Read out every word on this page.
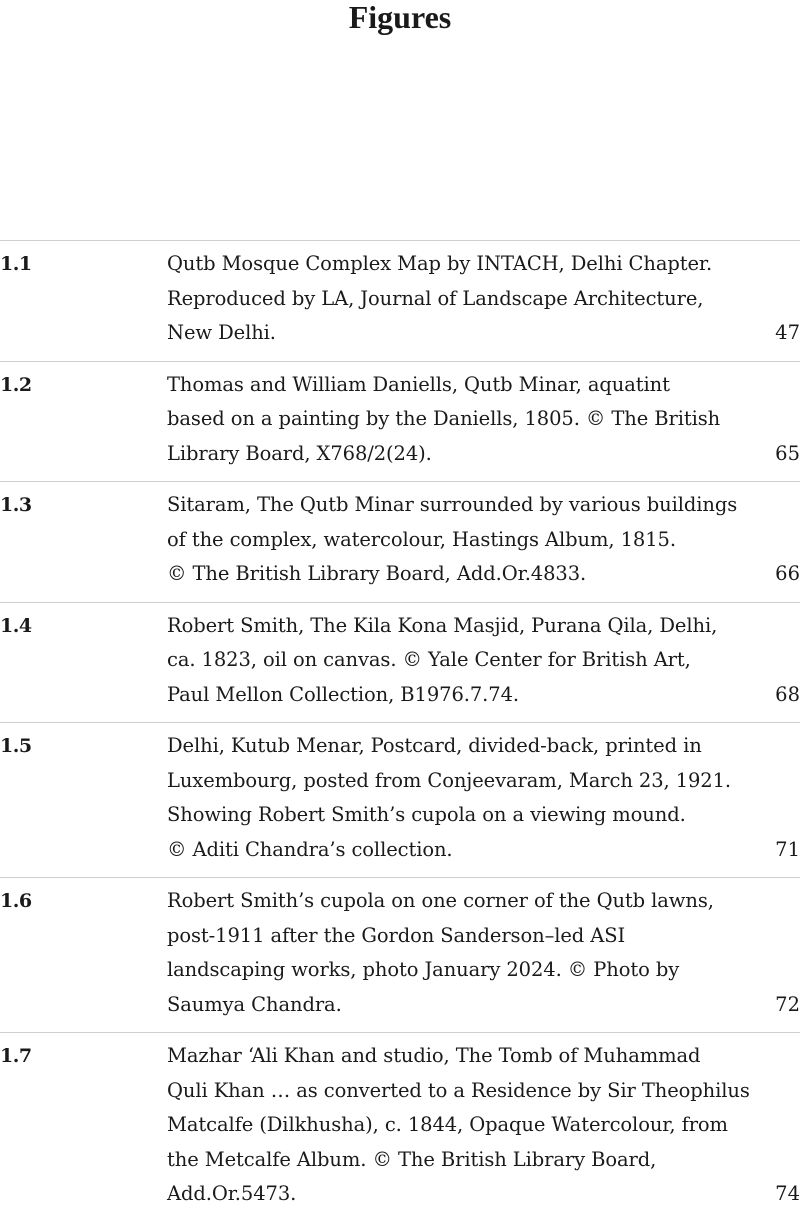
Figures
1.1	Qutb Mosque Complex Map by INTACH, Delhi Chapter.
Reproduced by LA, Journal of Landscape Architecture,
New Delhi.	47
1.2	Thomas and William Daniells, Qutb Minar, aquatint
based on a painting by the Daniells, 1805. © The British
Library Board, X768/2(24).	65
1.3	Sitaram, The Qutb Minar surrounded by various buildings
of the complex, watercolour, Hastings Album, 1815.
© The British Library Board, Add.Or.4833.	66
1.4	Robert Smith, The Kila Kona Masjid, Purana Qila, Delhi,
ca. 1823, oil on canvas. © Yale Center for British Art,
Paul Mellon Collection, B1976.7.74.	68
1.5	Delhi, Kutub Menar, Postcard, divided-back, printed in
Luxembourg, posted from Conjeevaram, March 23, 1921.
Showing Robert Smith’s cupola on a viewing mound.
© Aditi Chandra’s collection.	71
1.6	Robert Smith’s cupola on one corner of the Qutb lawns,
post-1911 after the Gordon Sanderson–led ASI
landscaping works, photo January 2024. © Photo by
Saumya Chandra.	72
1.7	Mazhar ‘Ali Khan and studio, The Tomb of Muhammad
Quli Khan … as converted to a Residence by Sir Theophilus
Matcalfe (Dilkhusha), c. 1844, Opaque Watercolour, from
the Metcalfe Album. © The British Library Board,
Add.Or.5473.	74
